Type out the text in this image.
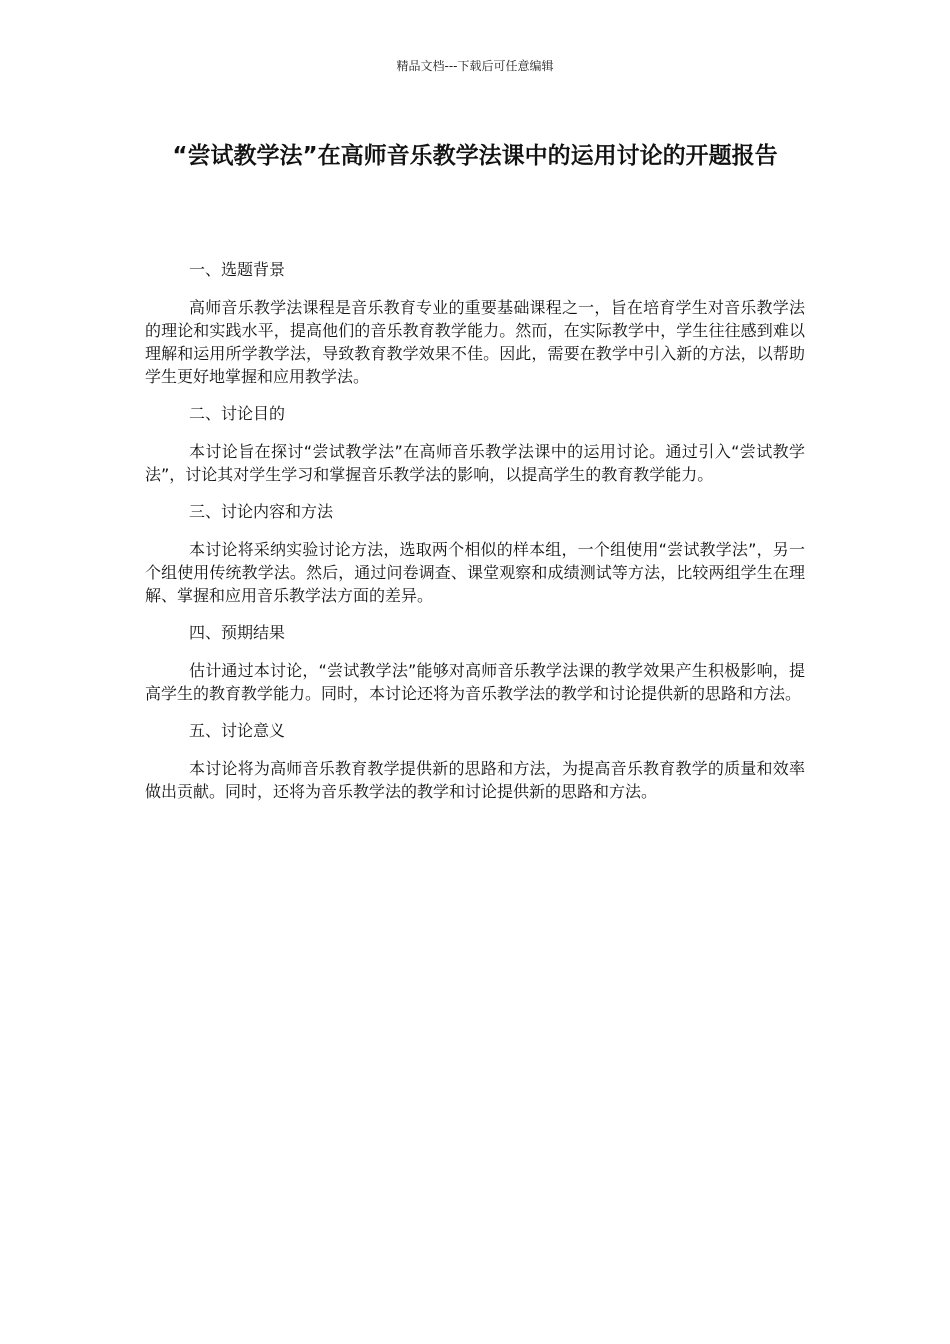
精品文档---下载后可任意编辑
“尝试教学法”在高师音乐教学法课中的运用讨论的开题报告

一、选题背景

高师音乐教学法课程是音乐教育专业的重要基础课程之一，旨在培育学生对音乐教学法的理论和实践水平，提高他们的音乐教育教学能力。然而，在实际教学中，学生往往感到难以理解和运用所学教学法，导致教育教学效果不佳。因此，需要在教学中引入新的方法，以帮助学生更好地掌握和应用教学法。

二、讨论目的

本讨论旨在探讨“尝试教学法”在高师音乐教学法课中的运用讨论。通过引入“尝试教学法”，讨论其对学生学习和掌握音乐教学法的影响，以提高学生的教育教学能力。

三、讨论内容和方法

本讨论将采纳实验讨论方法，选取两个相似的样本组，一个组使用“尝试教学法”，另一个组使用传统教学法。然后，通过问卷调查、课堂观察和成绩测试等方法，比较两组学生在理解、掌握和应用音乐教学法方面的差异。

四、预期结果

估计通过本讨论，“尝试教学法”能够对高师音乐教学法课的教学效果产生积极影响，提高学生的教育教学能力。同时，本讨论还将为音乐教学法的教学和讨论提供新的思路和方法。

五、讨论意义

本讨论将为高师音乐教育教学提供新的思路和方法，为提高音乐教育教学的质量和效率做出贡献。同时，还将为音乐教学法的教学和讨论提供新的思路和方法。
